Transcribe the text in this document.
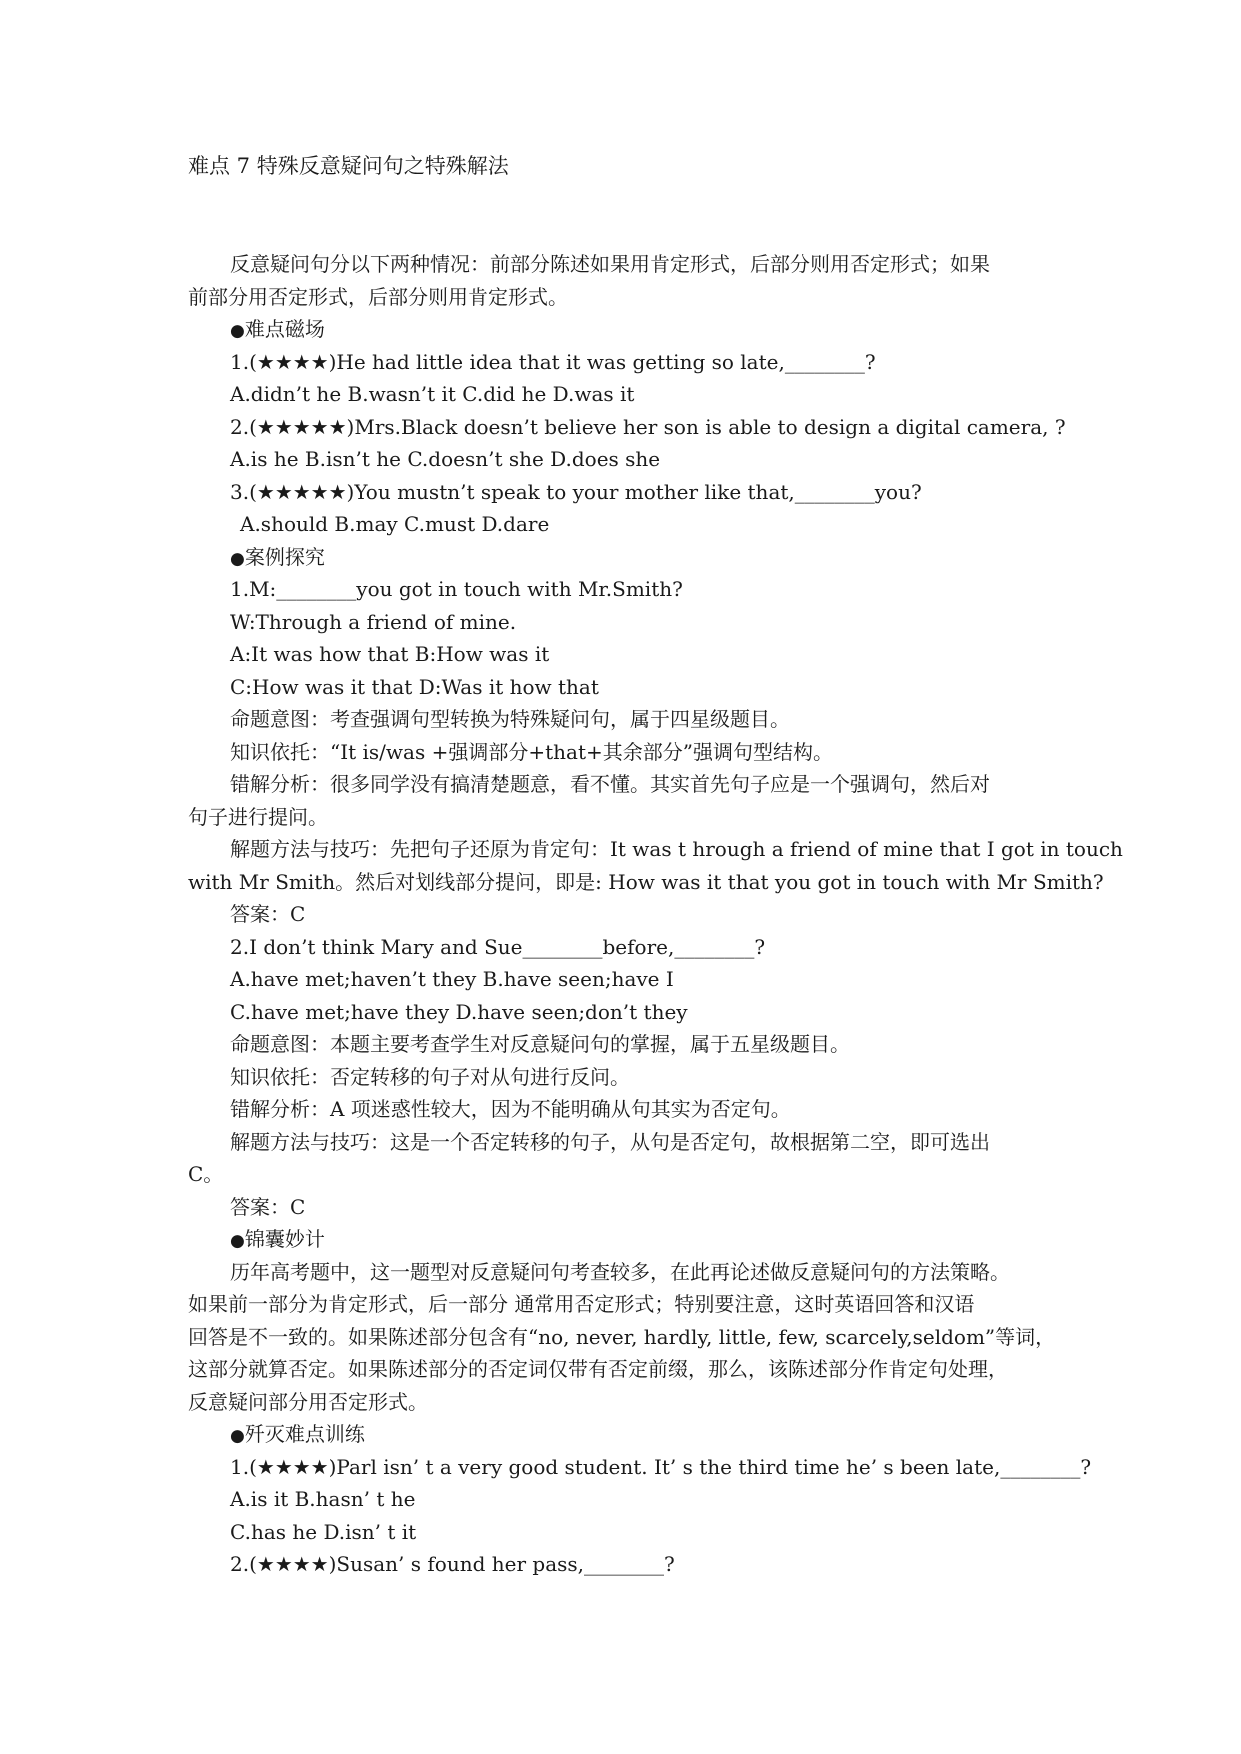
难点 7 特殊反意疑问句之特殊解法
反意疑问句分以下两种情况：前部分陈述如果用肯定形式，后部分则用否定形式；如果
前部分用否定形式，后部分则用肯定形式。
●难点磁场
1.(★★★★)He had little idea that it was getting so late,________?
A.didn’t he B.wasn’t it C.did he D.was it
2.(★★★★★)Mrs.Black doesn’t believe her son is able to design a digital camera, ?
A.is he B.isn’t he C.doesn’t she D.does she
3.(★★★★★)You mustn’t speak to your mother like that,________you?
A.should B.may C.must D.dare
●案例探究
1.M:________you got in touch with Mr.Smith?
W:Through a friend of mine.
A:It was how that B:How was it
C:How was it that D:Was it how that
命题意图：考查强调句型转换为特殊疑问句，属于四星级题目。
知识依托：“It is/was +强调部分+that+其余部分”强调句型结构。
错解分析：很多同学没有搞清楚题意，看不懂。其实首先句子应是一个强调句，然后对
句子进行提问。
解题方法与技巧：先把句子还原为肯定句：It was t hrough a friend of mine that I got in touch
with Mr Smith。然后对划线部分提问，即是: How was it that you got in touch with Mr Smith?
答案：C
2.I don’t think Mary and Sue________before,________?
A.have met;haven’t they B.have seen;have I
C.have met;have they D.have seen;don’t they
命题意图：本题主要考查学生对反意疑问句的掌握，属于五星级题目。
知识依托：否定转移的句子对从句进行反问。
错解分析：A 项迷惑性较大，因为不能明确从句其实为否定句。
解题方法与技巧：这是一个否定转移的句子，从句是否定句，故根据第二空，即可选出
C。
答案：C
●锦囊妙计
历年高考题中，这一题型对反意疑问句考查较多，在此再论述做反意疑问句的方法策略。
如果前一部分为肯定形式，后一部分 通常用否定形式；特别要注意，这时英语回答和汉语
回答是不一致的。如果陈述部分包含有“no, never, hardly, little, few, scarcely,seldom”等词，
这部分就算否定。如果陈述部分的否定词仅带有否定前缀，那么，该陈述部分作肯定句处理，
反意疑问部分用否定形式。
●歼灭难点训练
1.(★★★★)Parl isn’ t a very good student. It’ s the third time he’ s been late,________?
A.is it B.hasn’ t he
C.has he D.isn’ t it
2.(★★★★)Susan’ s found her pass,________?
